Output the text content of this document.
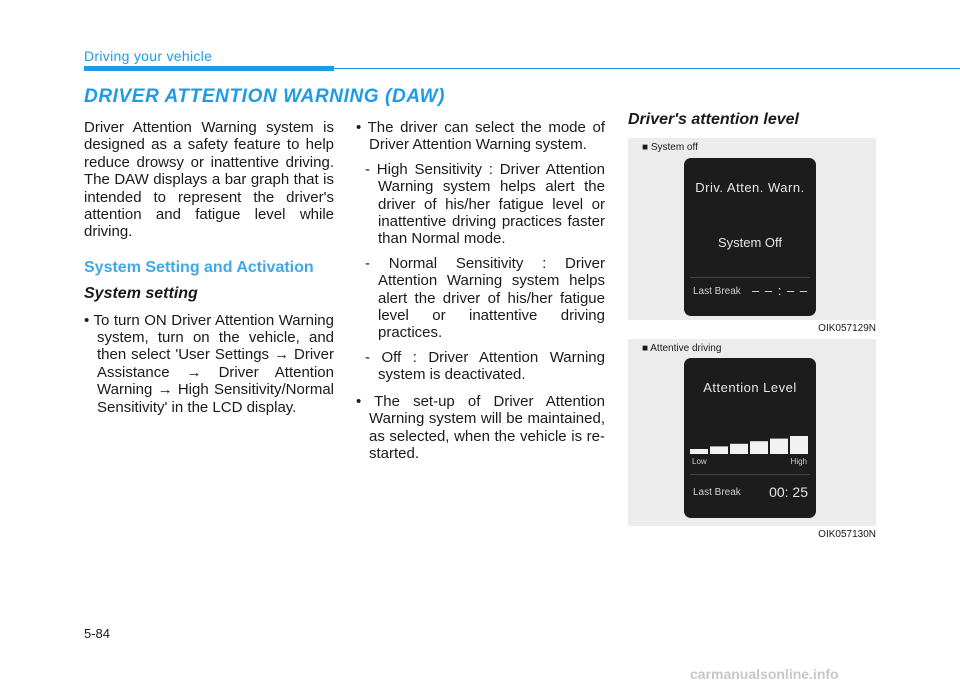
Driving your vehicle
DRIVER ATTENTION WARNING (DAW)

Driver Attention Warning system is designed as a safety feature to help reduce drowsy or inattentive driving. The DAW displays a bar graph that is intended to represent the driver's attention and fatigue level while driving.

System Setting and Activation
System setting
• To turn ON Driver Attention Warning system, turn on the vehicle, and then select 'User Settings → Driver Assistance → Driver Attention Warning → High Sensitivity/Normal Sensitivity' in the LCD display.
• The driver can select the mode of Driver Attention Warning system.
- High Sensitivity : Driver Attention Warning system helps alert the driver of his/her fatigue level or inattentive driving practices faster than Normal mode.
- Normal Sensitivity : Driver Attention Warning system helps alert the driver of his/her fatigue level or inattentive driving practices.
- Off : Driver Attention Warning system is deactivated.
• The set-up of Driver Attention Warning system will be maintained, as selected, when the vehicle is re-started.
Driver's attention level
■ System off
Driv. Atten. Warn.
System Off
Last Break – – : – –
OIK057129N
■ Attentive driving
Attention Level
Low	High
Last Break 00: 25
OIK057130N
5-84
carmanualsonline.info
